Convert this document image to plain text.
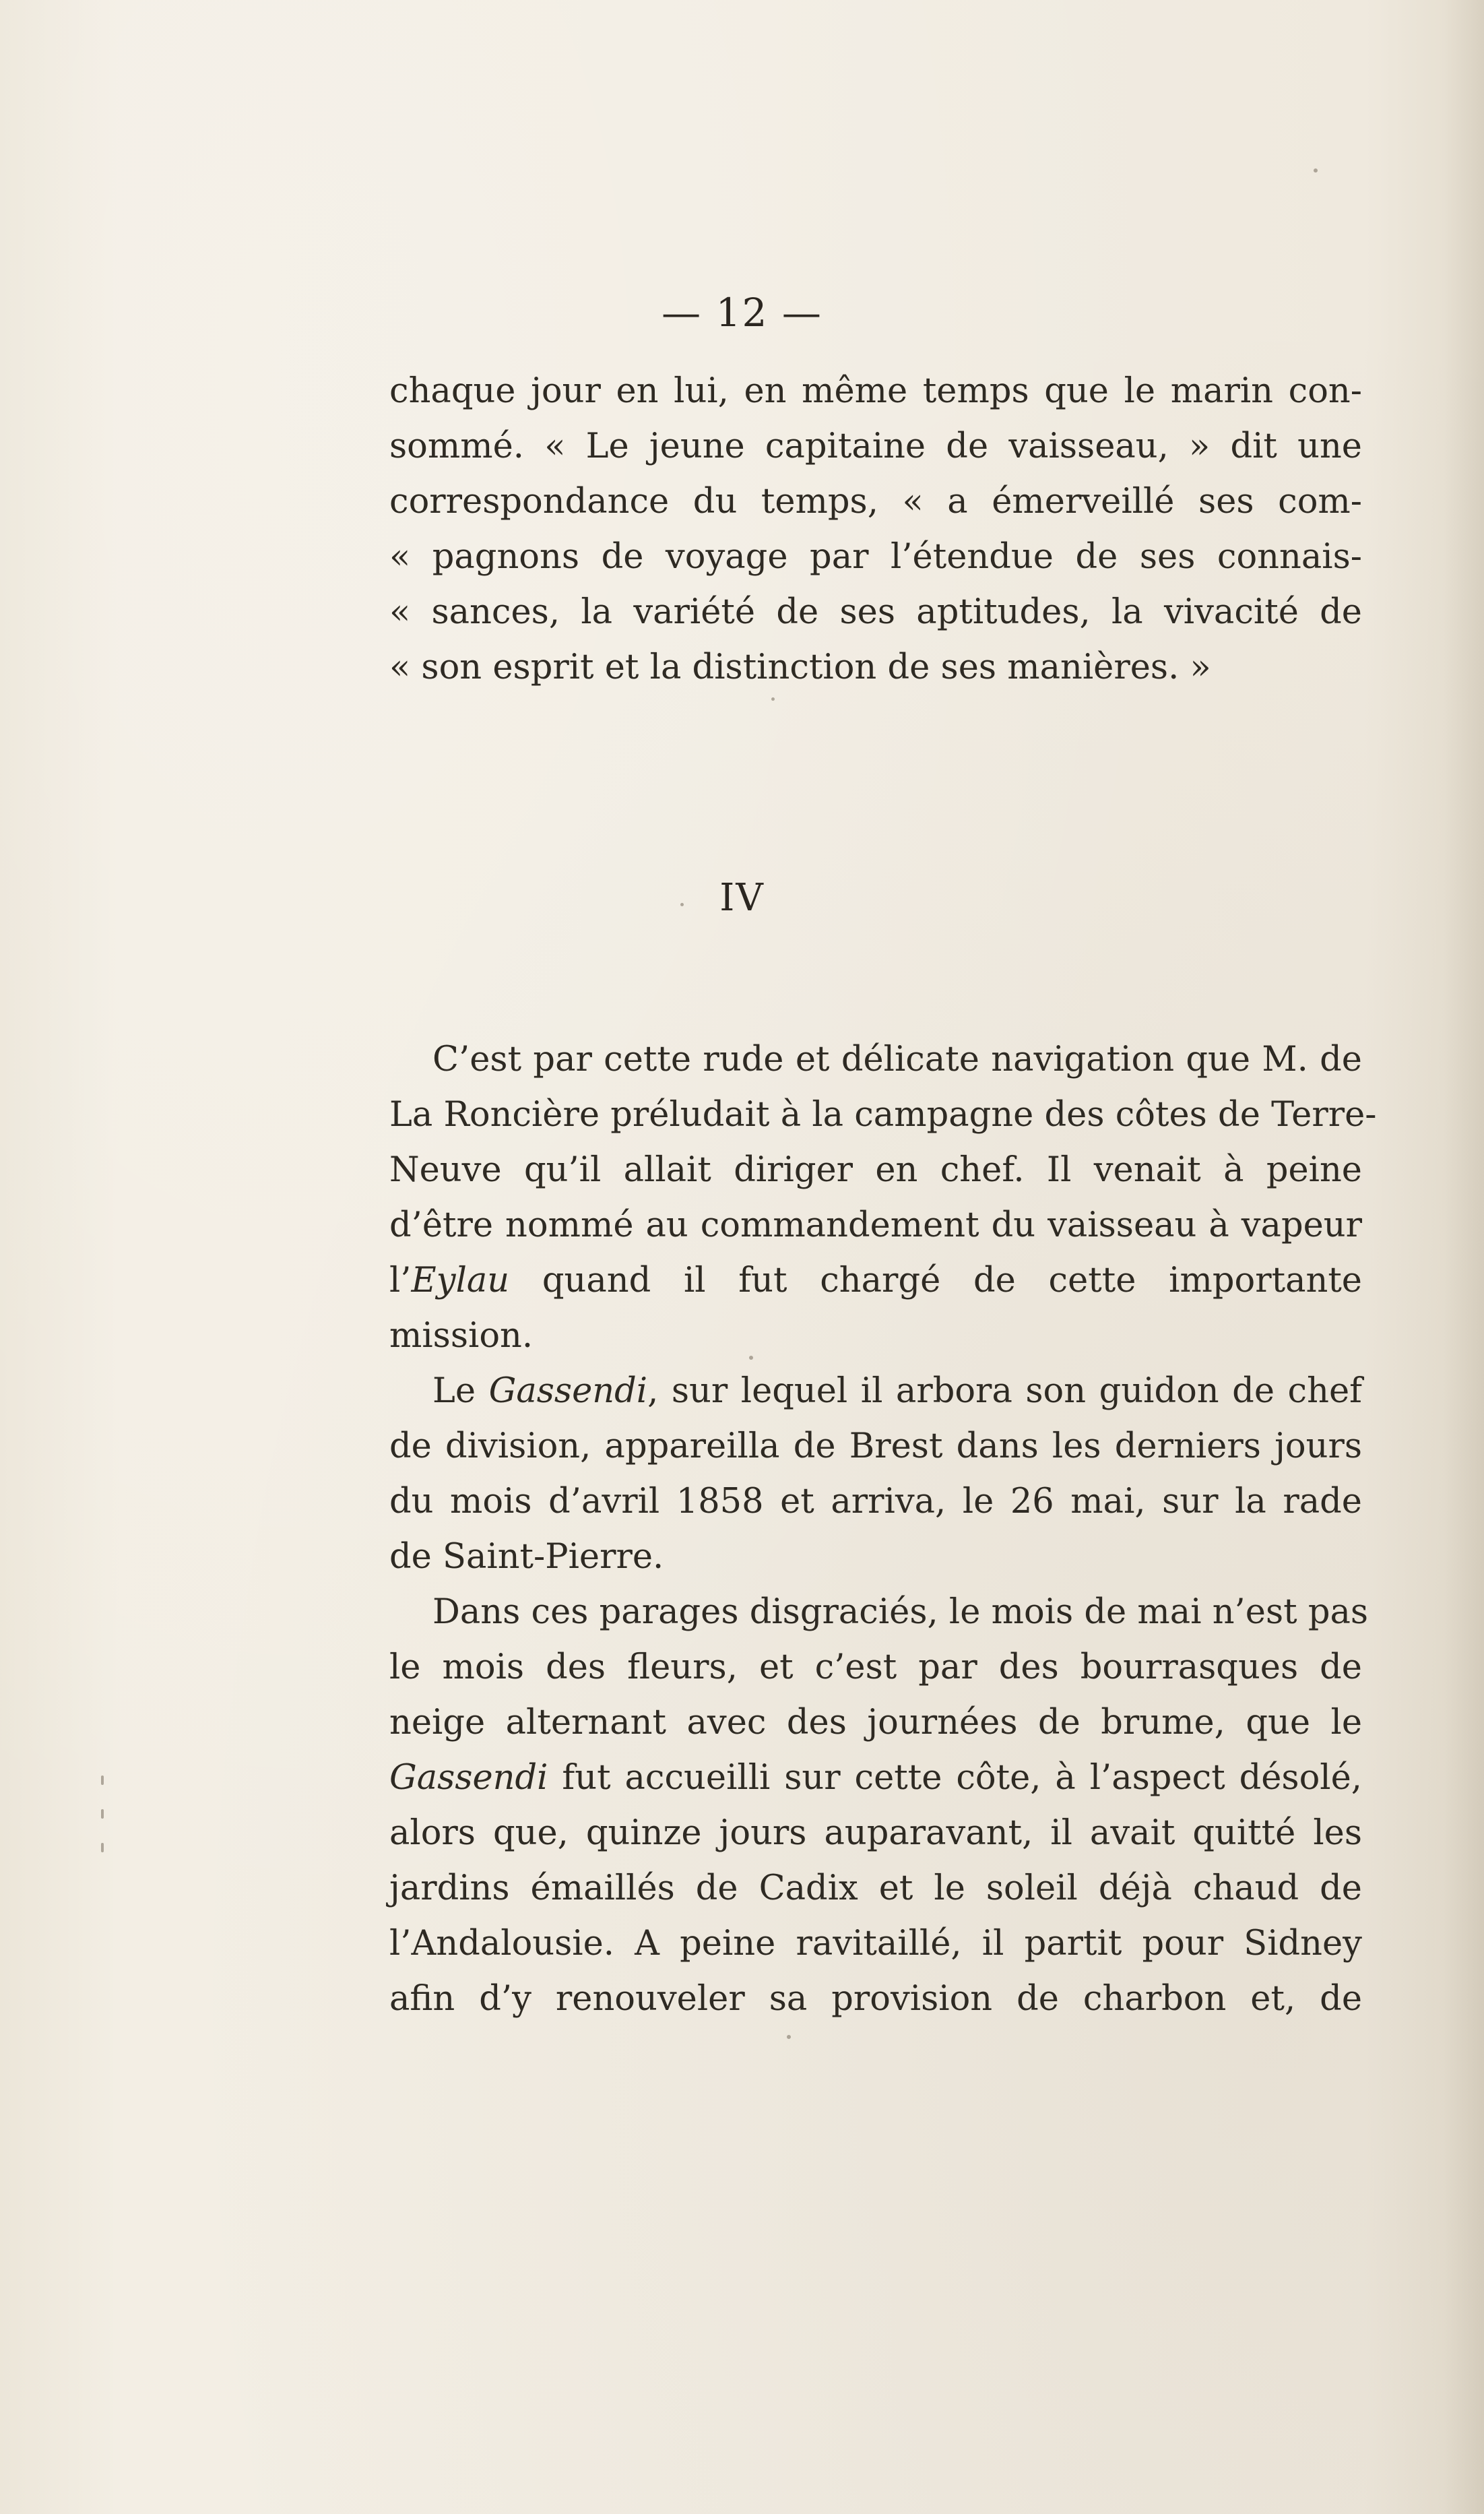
— 12 —
chaque jour en lui, en même temps que le marin con-
sommé. « Le jeune capitaine de vaisseau, » dit une
correspondance du temps, « a émerveillé ses com-
« pagnons de voyage par l’étendue de ses connais-
« sances, la variété de ses aptitudes, la vivacité de
« son esprit et la distinction de ses manières. »
IV
C’est par cette rude et délicate navigation que M. de
La Roncière préludait à la campagne des côtes de Terre-
Neuve qu’il allait diriger en chef. Il venait à peine
d’être nommé au commandement du vaisseau à vapeur
l’Eylau quand il fut chargé de cette importante
mission.
Le Gassendi, sur lequel il arbora son guidon de chef
de division, appareilla de Brest dans les derniers jours
du mois d’avril 1858 et arriva, le 26 mai, sur la rade
de Saint-Pierre.
Dans ces parages disgraciés, le mois de mai n’est pas
le mois des fleurs, et c’est par des bourrasques de
neige alternant avec des journées de brume, que le
Gassendi fut accueilli sur cette côte, à l’aspect désolé,
alors que, quinze jours auparavant, il avait quitté les
jardins émaillés de Cadix et le soleil déjà chaud de
l’Andalousie. A peine ravitaillé, il partit pour Sidney
afin d’y renouveler sa provision de charbon et, de
